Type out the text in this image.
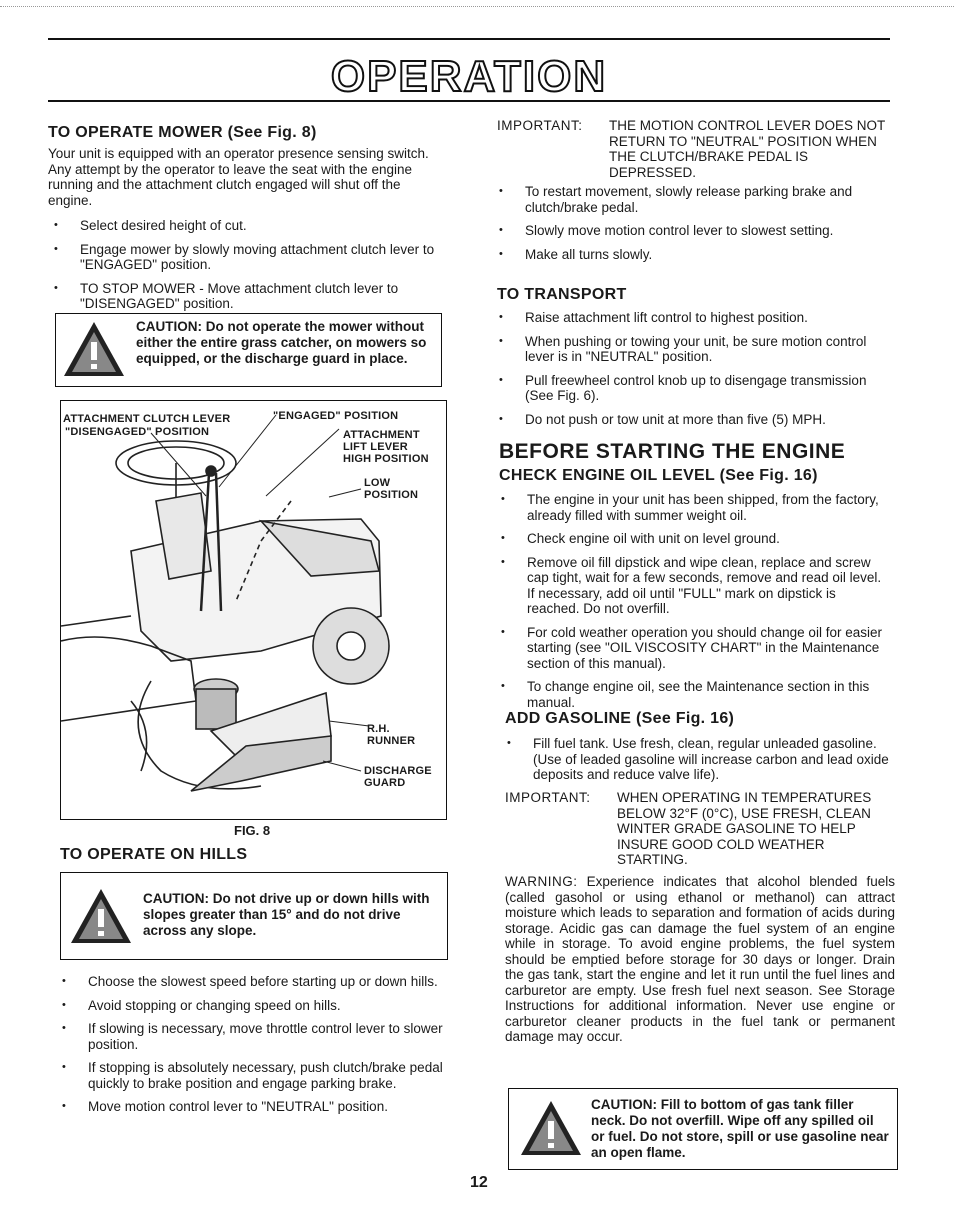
OPERATION
TO OPERATE MOWER (See Fig. 8)
Your unit is equipped with an operator presence sensing switch. Any attempt by the operator to leave the seat with the engine running and the attachment clutch engaged will shut off the engine.
• Select desired height of cut.
• Engage mower by slowly moving attachment clutch lever to "ENGAGED" position.
• TO STOP MOWER - Move attachment clutch lever to "DISENGAGED" position.
CAUTION: Do not operate the mower without either the entire grass catcher, on mowers so equipped, or the discharge guard in place.
ATTACHMENT CLUTCH LEVER
"DISENGAGED" POSITION
"ENGAGED" POSITION
ATTACHMENT
LIFT LEVER
HIGH POSITION
LOW
POSITION
R.H.
RUNNER
DISCHARGE
GUARD
FIG. 8
TO OPERATE ON HILLS
CAUTION: Do not drive up or down hills with slopes greater than 15° and do not drive across any slope.
• Choose the slowest speed before starting up or down hills.
• Avoid stopping or changing speed on hills.
• If slowing is necessary, move throttle control lever to slower position.
• If stopping is absolutely necessary, push clutch/brake pedal quickly to brake position and engage parking brake.
• Move motion control lever to "NEUTRAL" position.
IMPORTANT:	THE MOTION CONTROL LEVER DOES NOT RETURN TO "NEUTRAL" POSITION WHEN THE CLUTCH/BRAKE PEDAL IS DEPRESSED.
• To restart movement, slowly release parking brake and clutch/brake pedal.
• Slowly move motion control lever to slowest setting.
• Make all turns slowly.
TO TRANSPORT
• Raise attachment lift control to highest position.
• When pushing or towing your unit, be sure motion control lever is in "NEUTRAL" position.
• Pull freewheel control knob up to disengage transmission (See Fig. 6).
• Do not push or tow unit at more than five (5) MPH.
BEFORE STARTING THE ENGINE
CHECK ENGINE OIL LEVEL (See Fig. 16)
• The engine in your unit has been shipped, from the factory, already filled with summer weight oil.
• Check engine oil with unit on level ground.
• Remove oil fill dipstick and wipe clean, replace and screw cap tight, wait for a few seconds, remove and read oil level. If necessary, add oil until "FULL" mark on dipstick is reached. Do not overfill.
• For cold weather operation you should change oil for easier starting (see "OIL VISCOSITY CHART" in the Maintenance section of this manual).
• To change engine oil, see the Maintenance section in this manual.
ADD GASOLINE (See Fig. 16)
• Fill fuel tank. Use fresh, clean, regular unleaded gasoline. (Use of leaded gasoline will increase carbon and lead oxide deposits and reduce valve life).
IMPORTANT:	WHEN OPERATING IN TEMPERATURES BELOW 32°F (0°C), USE FRESH, CLEAN WINTER GRADE GASOLINE TO HELP INSURE GOOD COLD WEATHER STARTING.
WARNING: Experience indicates that alcohol blended fuels (called gasohol or using ethanol or methanol) can attract moisture which leads to separation and formation of acids during storage. Acidic gas can damage the fuel system of an engine while in storage. To avoid engine problems, the fuel system should be emptied before storage for 30 days or longer. Drain the gas tank, start the engine and let it run until the fuel lines and carburetor are empty. Use fresh fuel next season. See Storage Instructions for additional information. Never use engine or carburetor cleaner products in the fuel tank or permanent damage may occur.
CAUTION: Fill to bottom of gas tank filler neck. Do not overfill. Wipe off any spilled oil or fuel. Do not store, spill or use gasoline near an open flame.
12
